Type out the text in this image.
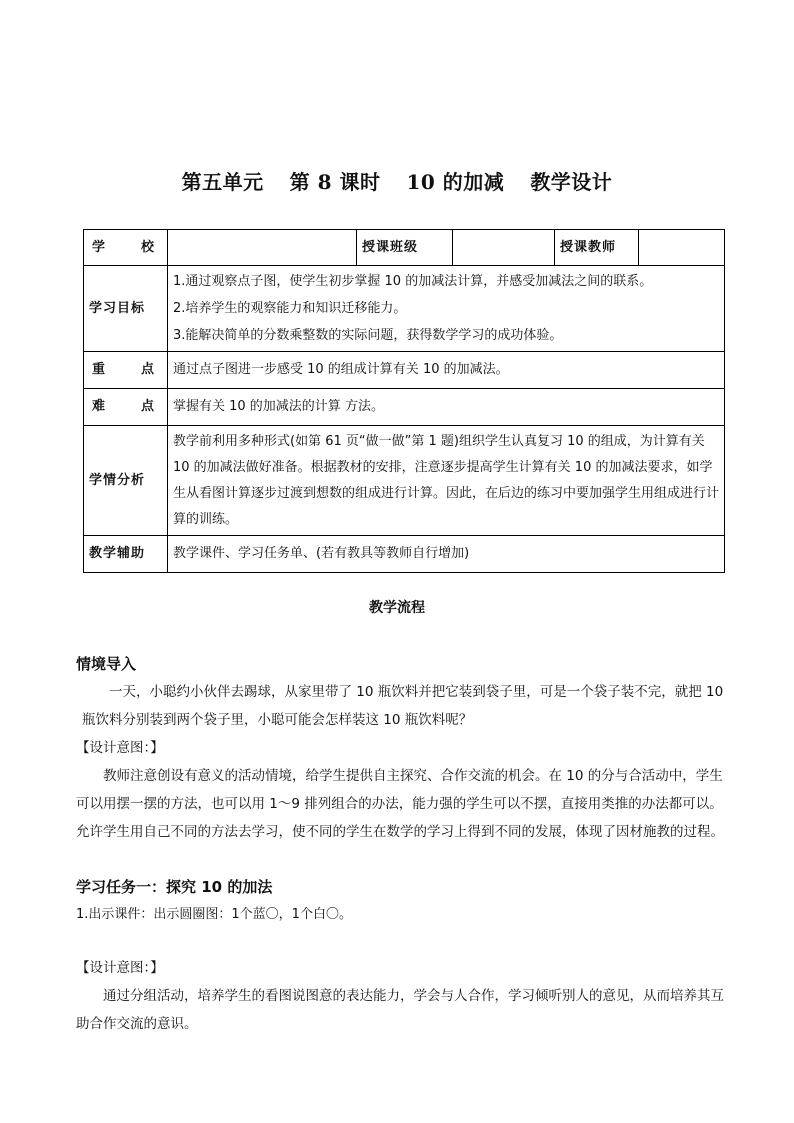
第五单元 第 8 课时 10 的加减 教学设计
学 校		授课班级		授课教师	
学习目标	1.通过观察点子图，使学生初步掌握 10 的加减法计算，并感受加减法之间的联系。
2.培养学生的观察能力和知识迁移能力。
3.能解决简单的分数乘整数的实际问题，获得数学学习的成功体验。				

重 点	通过点子图进一步感受 10 的组成计算有关 10 的加减法。				

难 点	掌握有关 10 的加减法的计算 方法。				
学情分析	教学前利用多种形式(如第 61 页“做一做”第 1 题)组织学生认真复习 10 的组成，为计算有关 10 的加减法做好准备。根据教材的安排，注意逐步提高学生计算有关 10 的加减法要求，如学生从看图计算逐步过渡到想数的组成进行计算。因此，在后边的练习中要加强学生用组成进行计算的训练。				
教学辅助	教学课件、学习任务单、(若有教具等教师自行增加)				
教学流程

情境导入

一天，小聪约小伙伴去踢球，从家里带了 10 瓶饮料并把它装到袋子里，可是一个袋子装不完，就把 10 瓶饮料分别装到两个袋子里，小聪可能会怎样装这 10 瓶饮料呢？

【设计意图：】

教师注意创设有意义的活动情境，给学生提供自主探究、合作交流的机会。在 10 的分与合活动中，学生可以用摆一摆的方法，也可以用 1～9 排列组合的办法，能力强的学生可以不摆，直接用类推的办法都可以。允许学生用自己不同的方法去学习，使不同的学生在数学的学习上得到不同的发展，体现了因材施教的过程。

学习任务一：探究 10 的加法

1.出示课件：出示圆圈图：1个蓝〇，1个白〇。

【设计意图：】

通过分组活动，培养学生的看图说图意的表达能力，学会与人合作，学习倾听别人的意见，从而培养其互助合作交流的意识。
